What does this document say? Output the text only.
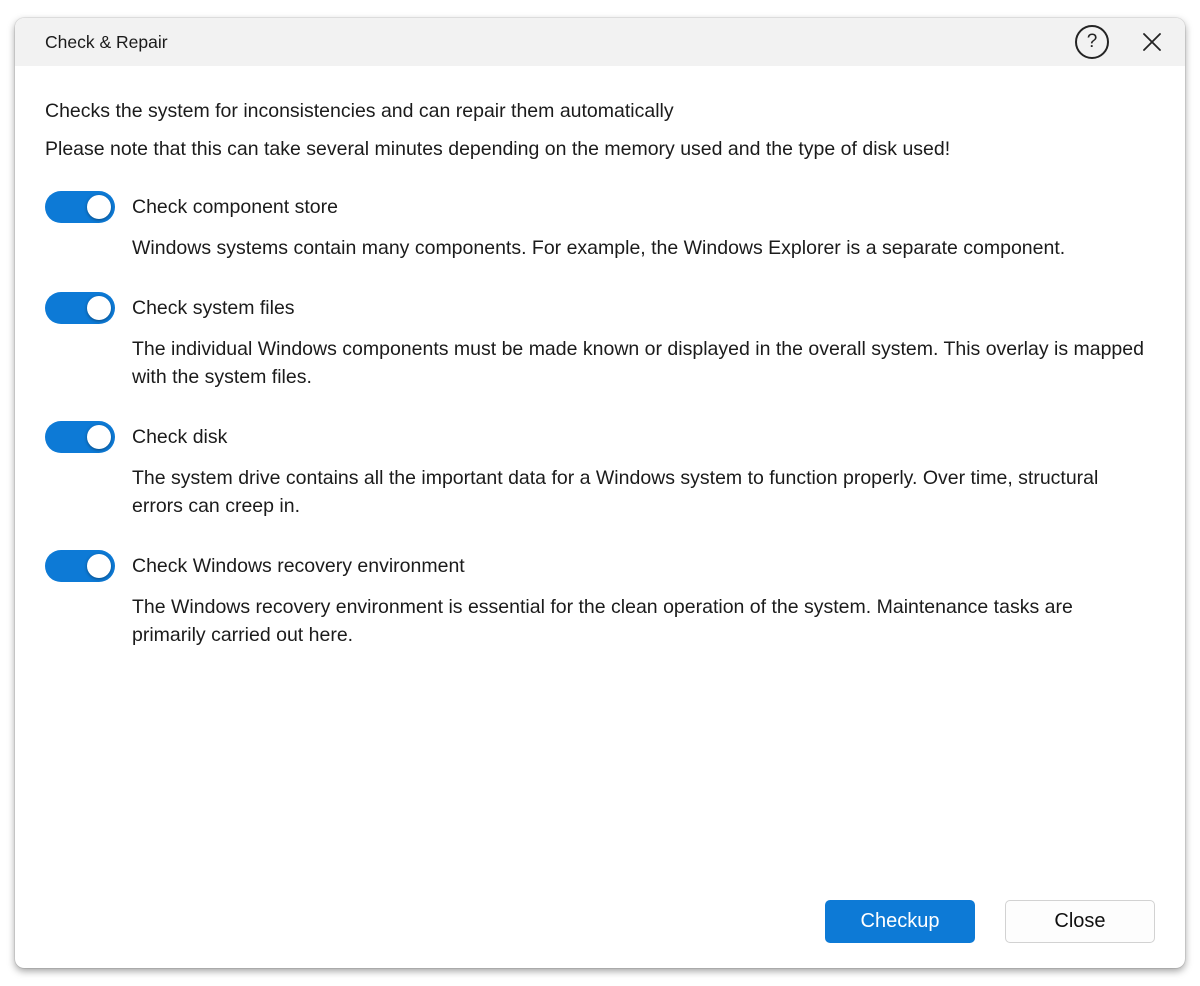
Check & Repair	?
Checks the system for inconsistencies and can repair them automatically
Please note that this can take several minutes depending on the memory used and the type of disk used!
Check component store
Windows systems contain many components. For example, the Windows Explorer is a separate component.
Check system files
The individual Windows components must be made known or displayed in the overall system. This overlay is mapped with the system files.
Check disk
The system drive contains all the important data for a Windows system to function properly. Over time, structural errors can creep in.
Check Windows recovery environment
The Windows recovery environment is essential for the clean operation of the system. Maintenance tasks are primarily carried out here.
Checkup	Close
